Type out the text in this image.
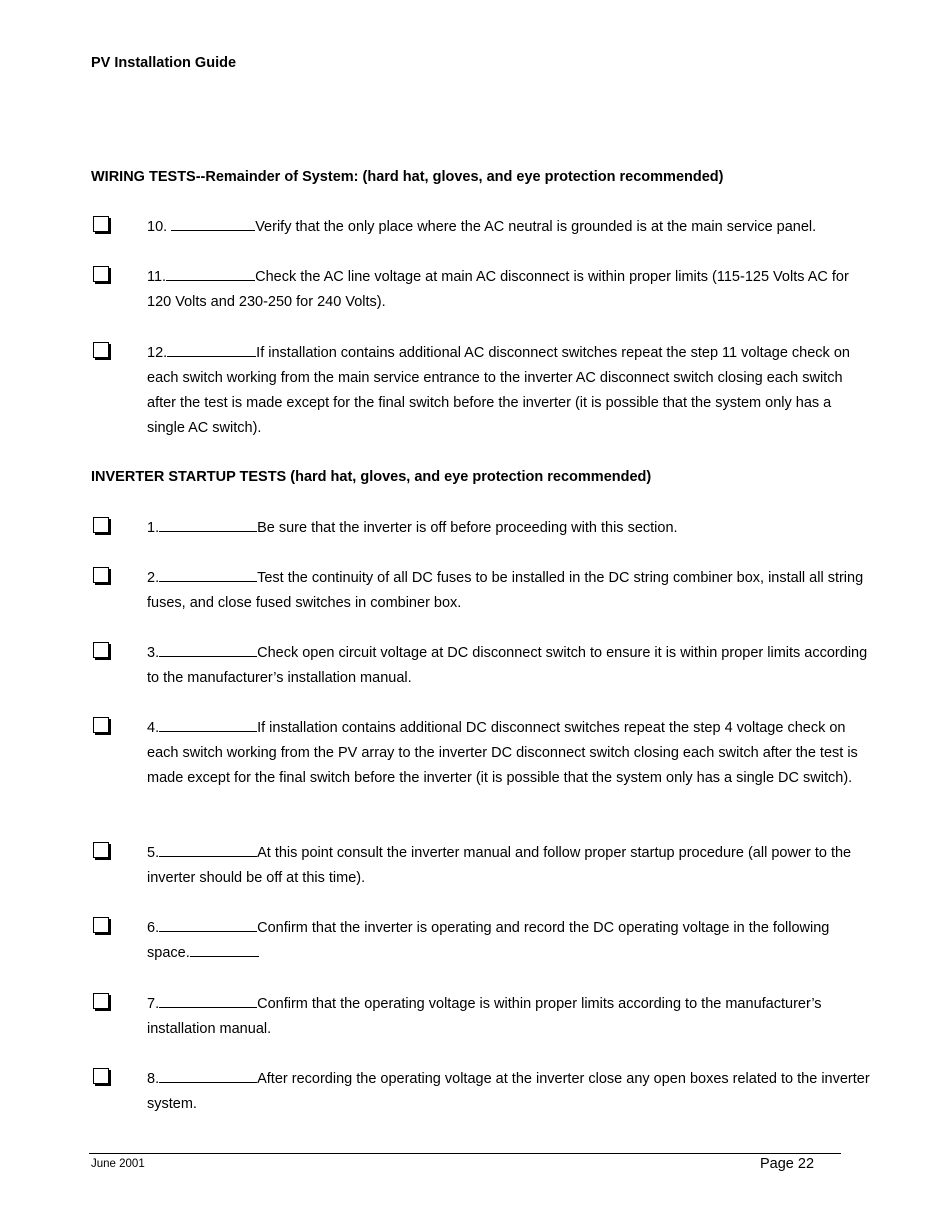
PV Installation Guide
WIRING TESTS--Remainder of System: (hard hat, gloves, and eye protection recommended)

10.	Verify that the only place where the AC neutral is grounded is at the main service panel.

11.	Check the AC line voltage at main AC disconnect is within proper limits (115-125 Volts AC for 120 Volts and 230-250 for 240 Volts).

12.	If installation contains additional AC disconnect switches repeat the step 11 voltage check on each switch working from the main service entrance to the inverter AC disconnect switch closing each switch after the test is made except for the final switch before the inverter (it is possible that the system only has a single AC switch).

INVERTER STARTUP TESTS (hard hat, gloves, and eye protection recommended)

1.	Be sure that the inverter is off before proceeding with this section.

2.	Test the continuity of all DC fuses to be installed in the DC string combiner box, install all string fuses, and close fused switches in combiner box.

3.	Check open circuit voltage at DC disconnect switch to ensure it is within proper limits according to the manufacturer’s installation manual.

4.	If installation contains additional DC disconnect switches repeat the step 4 voltage check on each switch working from the PV array to the inverter DC disconnect switch closing each switch after the test is made except for the final switch before the inverter (it is possible that the system only has a single DC switch).

5.	At this point consult the inverter manual and follow proper startup procedure (all power to the inverter should be off at this time).

6.	Confirm that the inverter is operating and record the DC operating voltage in the following space.

7.	Confirm that the operating voltage is within proper limits according to the manufacturer’s installation manual.

8.	After recording the operating voltage at the inverter close any open boxes related to the inverter system.

June 2001	Page 22
